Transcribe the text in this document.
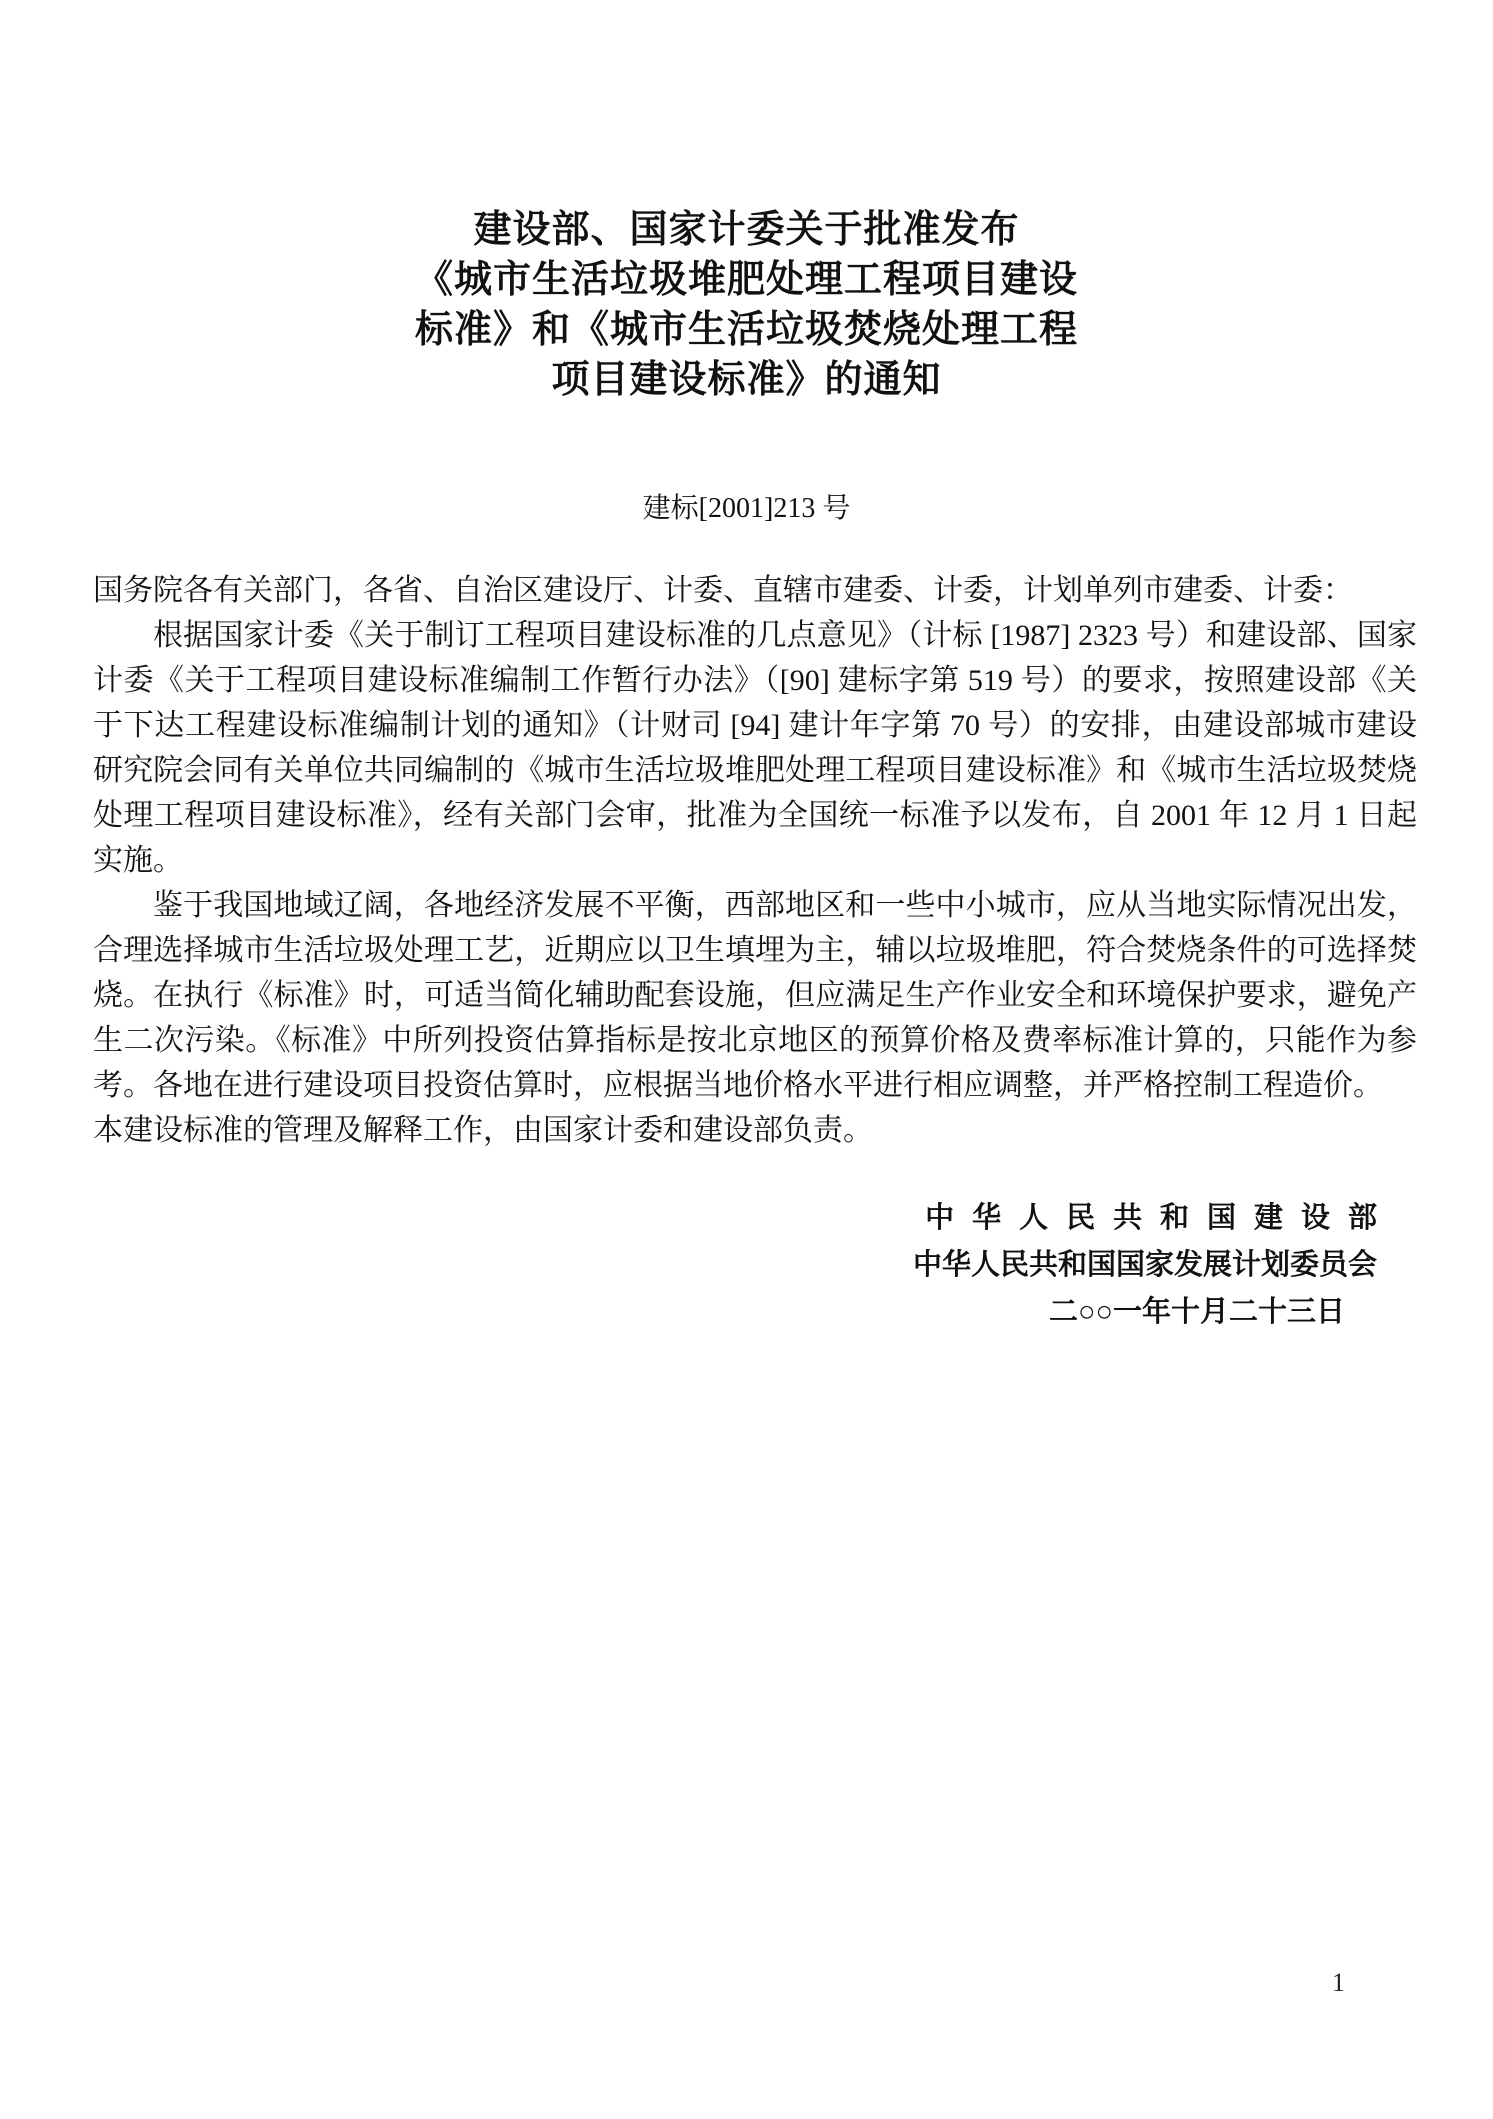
建设部、国家计委关于批准发布
《城市生活垃圾堆肥处理工程项目建设
标准》和《城市生活垃圾焚烧处理工程
项目建设标准》的通知
建标[2001]213 号

国务院各有关部门，各省、自治区建设厅、计委、直辖市建委、计委，计划单列市建委、计委：

根据国家计委《关于制订工程项目建设标准的几点意见》（计标 [1987] 2323 号）和建设部、国家计委《关于工程项目建设标准编制工作暂行办法》（[90] 建标字第 519 号）的要求，按照建设部《关于下达工程建设标准编制计划的通知》（计财司 [94] 建计年字第 70 号）的安排，由建设部城市建设研究院会同有关单位共同编制的《城市生活垃圾堆肥处理工程项目建设标准》和《城市生活垃圾焚烧处理工程项目建设标准》，经有关部门会审，批准为全国统一标准予以发布，自 2001 年 12 月 1 日起实施。

鉴于我国地域辽阔，各地经济发展不平衡，西部地区和一些中小城市，应从当地实际情况出发，合理选择城市生活垃圾处理工艺，近期应以卫生填埋为主，辅以垃圾堆肥，符合焚烧条件的可选择焚烧。在执行《标准》时，可适当简化辅助配套设施，但应满足生产作业安全和环境保护要求，避免产生二次污染。《标准》中所列投资估算指标是按北京地区的预算价格及费率标准计算的，只能作为参考。各地在进行建设项目投资估算时，应根据当地价格水平进行相应调整，并严格控制工程造价。

本建设标准的管理及解释工作，由国家计委和建设部负责。

中华人民共和国建设部
中华人民共和国国家发展计划委员会
二○○一年十月二十三日
1
